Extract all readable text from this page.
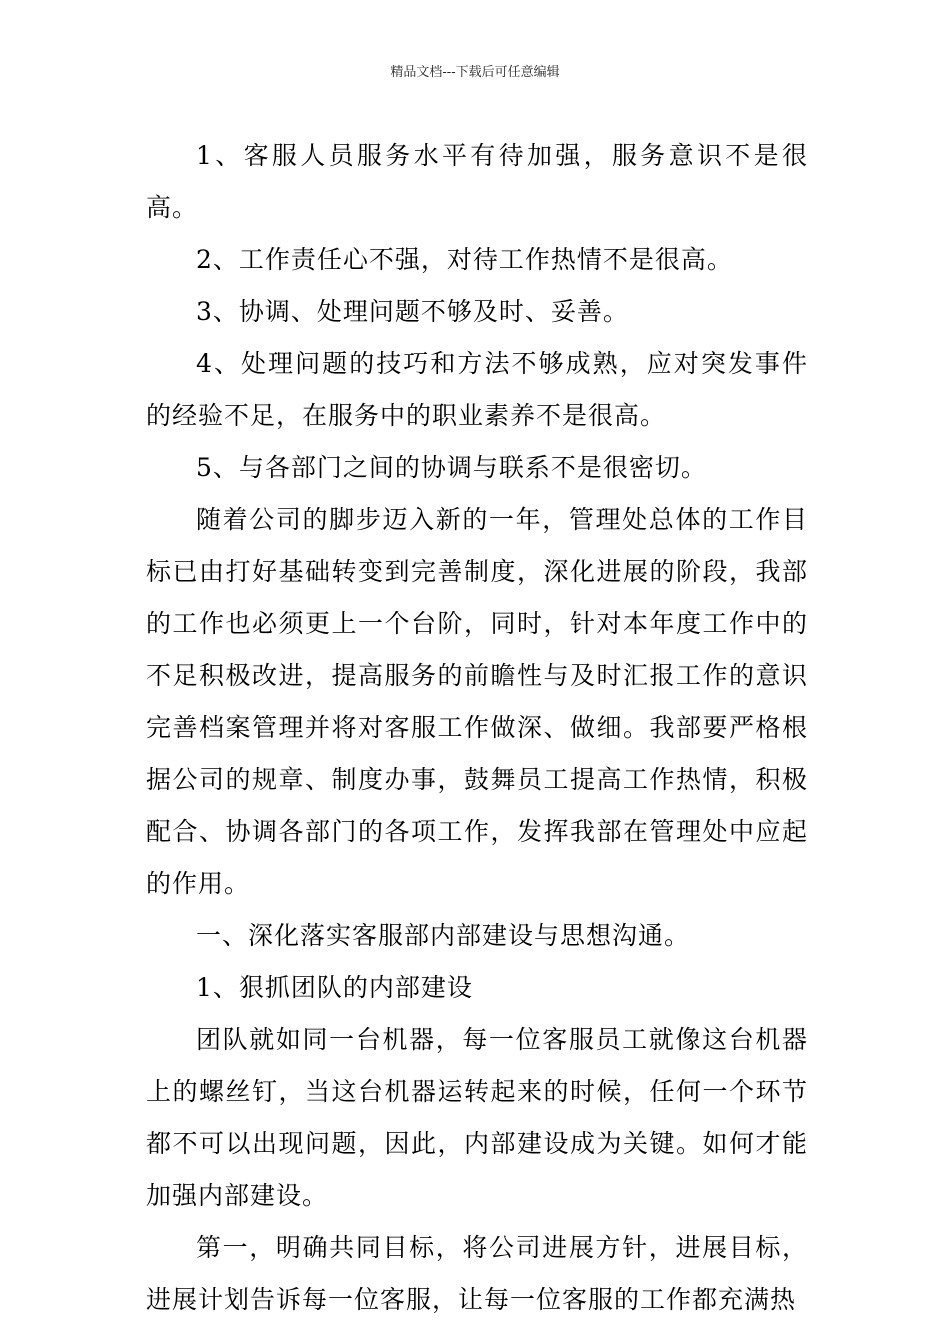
精品文档---下载后可任意编辑

1、客服人员服务水平有待加强，服务意识不是很高。

2、工作责任心不强，对待工作热情不是很高。

3、协调、处理问题不够及时、妥善。

4、处理问题的技巧和方法不够成熟，应对突发事件的经验不足，在服务中的职业素养不是很高。

5、与各部门之间的协调与联系不是很密切。

随着公司的脚步迈入新的一年，管理处总体的工作目标已由打好基础转变到完善制度，深化进展的阶段，我部的工作也必须更上一个台阶，同时，针对本年度工作中的不足积极改进，提高服务的前瞻性与及时汇报工作的意识完善档案管理并将对客服工作做深、做细。我部要严格根据公司的规章、制度办事，鼓舞员工提高工作热情，积极配合、协调各部门的各项工作，发挥我部在管理处中应起的作用。

一、深化落实客服部内部建设与思想沟通。

1、狠抓团队的内部建设

团队就如同一台机器，每一位客服员工就像这台机器上的螺丝钉，当这台机器运转起来的时候，任何一个环节都不可以出现问题，因此，内部建设成为关键。如何才能加强内部建设。

第一，明确共同目标，将公司进展方针，进展目标，进展计划告诉每一位客服，让每一位客服的工作都充满热
